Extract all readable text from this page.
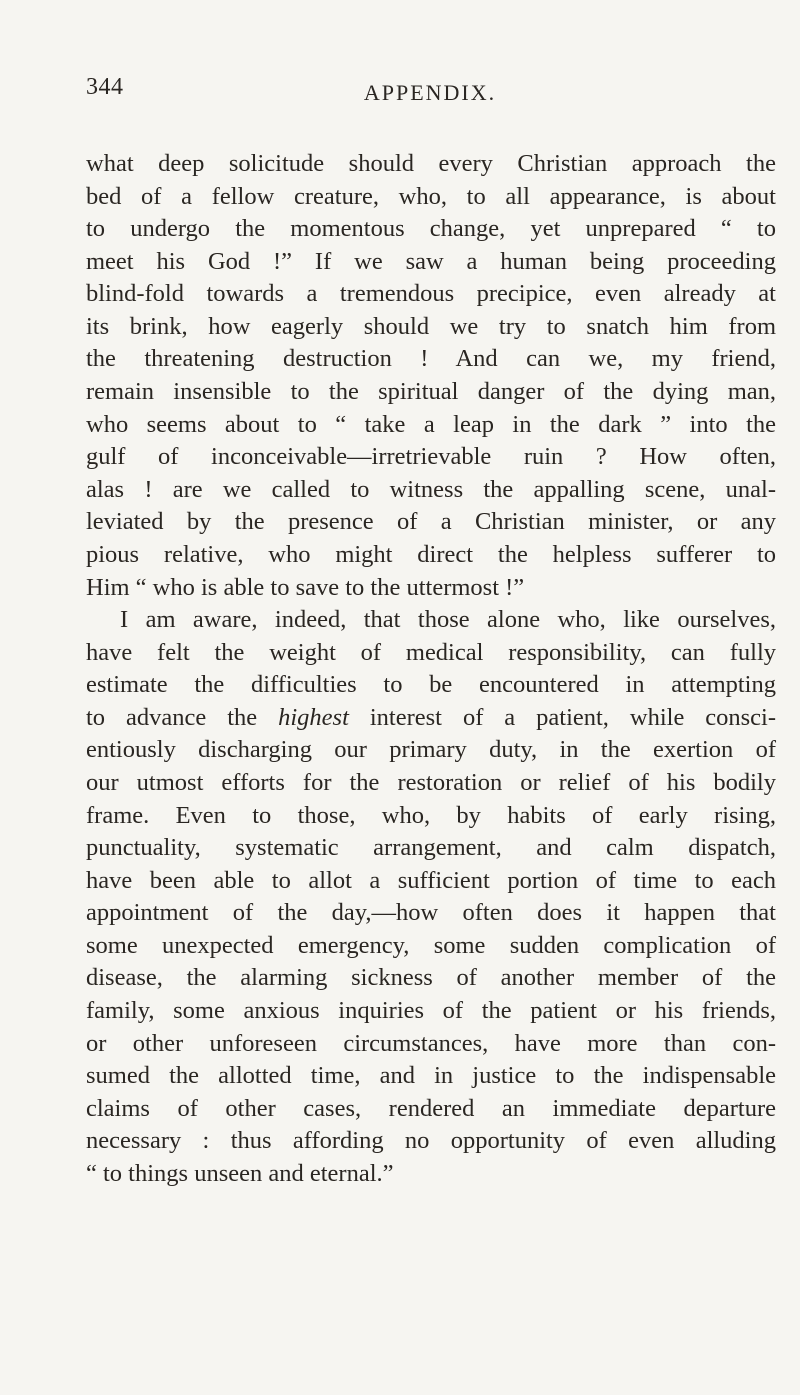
344	APPENDIX.
what deep solicitude should every Christian approach the
bed of a fellow creature, who, to all appearance, is about
to undergo the momentous change, yet unprepared “ to
meet his God !” If we saw a human being proceeding
blind-fold towards a tremendous precipice, even already at
its brink, how eagerly should we try to snatch him from
the threatening destruction ! And can we, my friend,
remain insensible to the spiritual danger of the dying man,
who seems about to “ take a leap in the dark ” into the
gulf of inconceivable—irretrievable ruin ? How often,
alas ! are we called to witness the appalling scene, unal-
leviated by the presence of a Christian minister, or any
pious relative, who might direct the helpless sufferer to
Him “ who is able to save to the uttermost !”
I am aware, indeed, that those alone who, like ourselves,
have felt the weight of medical responsibility, can fully
estimate the difficulties to be encountered in attempting
to advance the highest interest of a patient, while consci-
entiously discharging our primary duty, in the exertion of
our utmost efforts for the restoration or relief of his bodily
frame. Even to those, who, by habits of early rising,
punctuality, systematic arrangement, and calm dispatch,
have been able to allot a sufficient portion of time to each
appointment of the day,—how often does it happen that
some unexpected emergency, some sudden complication of
disease, the alarming sickness of another member of the
family, some anxious inquiries of the patient or his friends,
or other unforeseen circumstances, have more than con-
sumed the allotted time, and in justice to the indispensable
claims of other cases, rendered an immediate departure
necessary : thus affording no opportunity of even alluding
“ to things unseen and eternal.”
